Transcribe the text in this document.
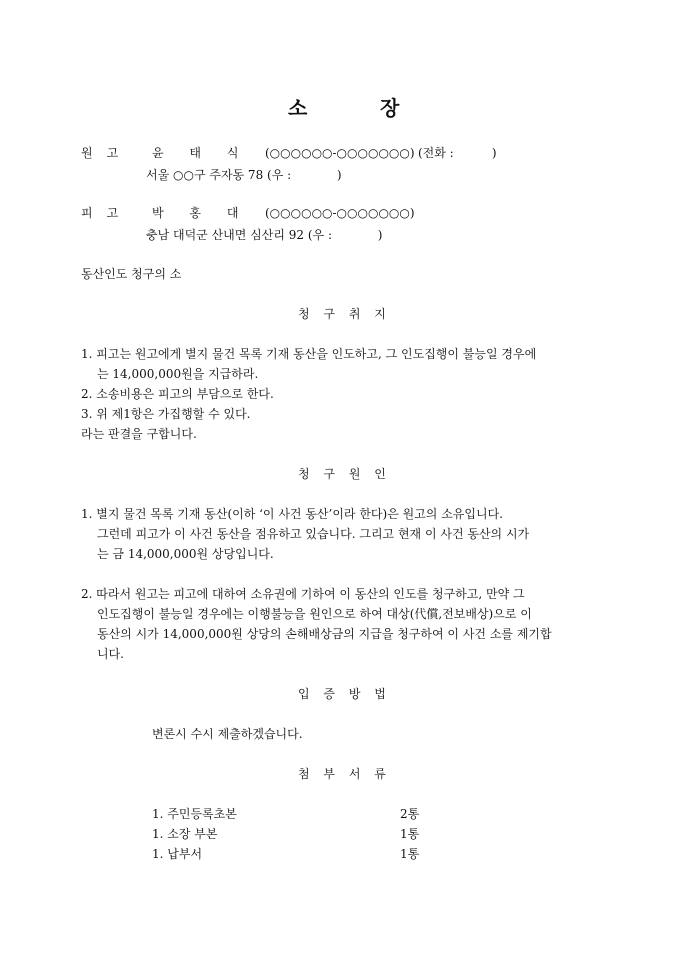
소	장
원 고	윤 태 식 (○○○○○○-○○○○○○○) (전화 :          )
서울 ○○구 주자동 78 (우 :            )
피 고	박 홍 대 (○○○○○○-○○○○○○○)
충남 대덕군 산내면 심산리 92 (우 :            )
동산인도 청구의 소
청 구 취 지
1. 피고는 원고에게 별지 물건 목록 기재 동산을 인도하고, 그 인도집행이 불능일 경우에
는 14,000,000원을 지급하라.
2. 소송비용은 피고의 부담으로 한다.
3. 위 제1항은 가집행할 수 있다.
라는 판결을 구합니다.
청 구 원 인
1. 별지 물건 목록 기재 동산(이하 ‘이 사건 동산’이라 한다)은 원고의 소유입니다.
그런데 피고가 이 사건 동산을 점유하고 있습니다. 그리고 현재 이 사건 동산의 시가
는 금 14,000,000원 상당입니다.
2. 따라서 원고는 피고에 대하여 소유권에 기하여 이 동산의 인도를 청구하고, 만약 그
인도집행이 불능일 경우에는 이행불능을 원인으로 하여 대상(代償,전보배상)으로 이
동산의 시가 14,000,000원 상당의 손해배상금의 지급을 청구하여 이 사건 소를 제기합
니다.
입 증 방 법
변론시 수시 제출하겠습니다.
첨 부 서 류
1. 주민등록초본	2통
1. 소장 부본	1통
1. 납부서	1통
